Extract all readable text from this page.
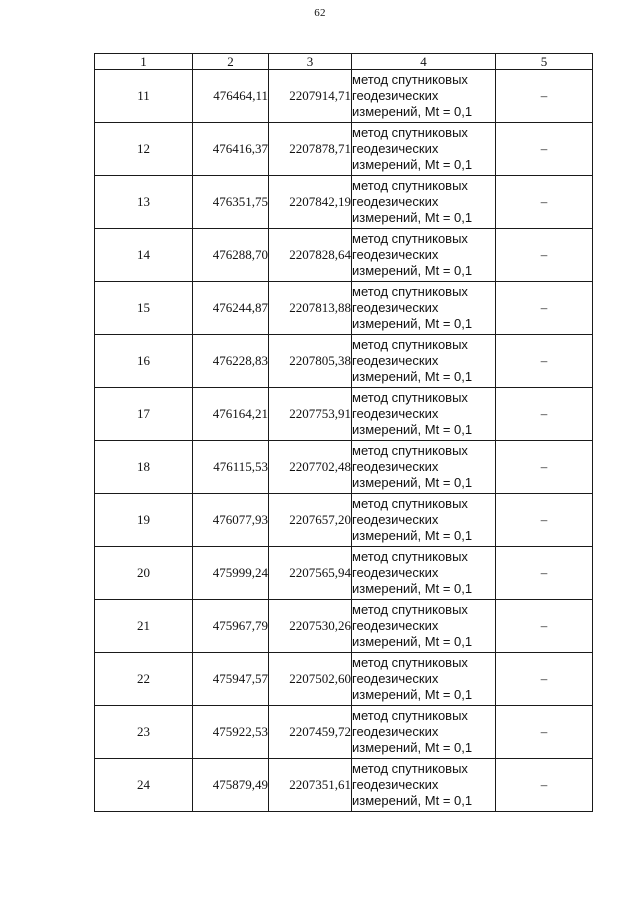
62
1	2	3	4	5
11	476464,11	2207914,71	метод спутниковых
геодезических
измерений, Mt = 0,1	–
12	476416,37	2207878,71	метод спутниковых
геодезических
измерений, Mt = 0,1	–
13	476351,75	2207842,19	метод спутниковых
геодезических
измерений, Mt = 0,1	–
14	476288,70	2207828,64	метод спутниковых
геодезических
измерений, Mt = 0,1	–
15	476244,87	2207813,88	метод спутниковых
геодезических
измерений, Mt = 0,1	–
16	476228,83	2207805,38	метод спутниковых
геодезических
измерений, Mt = 0,1	–
17	476164,21	2207753,91	метод спутниковых
геодезических
измерений, Mt = 0,1	–
18	476115,53	2207702,48	метод спутниковых
геодезических
измерений, Mt = 0,1	–
19	476077,93	2207657,20	метод спутниковых
геодезических
измерений, Mt = 0,1	–
20	475999,24	2207565,94	метод спутниковых
геодезических
измерений, Mt = 0,1	–
21	475967,79	2207530,26	метод спутниковых
геодезических
измерений, Mt = 0,1	–
22	475947,57	2207502,60	метод спутниковых
геодезических
измерений, Mt = 0,1	–
23	475922,53	2207459,72	метод спутниковых
геодезических
измерений, Mt = 0,1	–
24	475879,49	2207351,61	метод спутниковых
геодезических
измерений, Mt = 0,1	–
